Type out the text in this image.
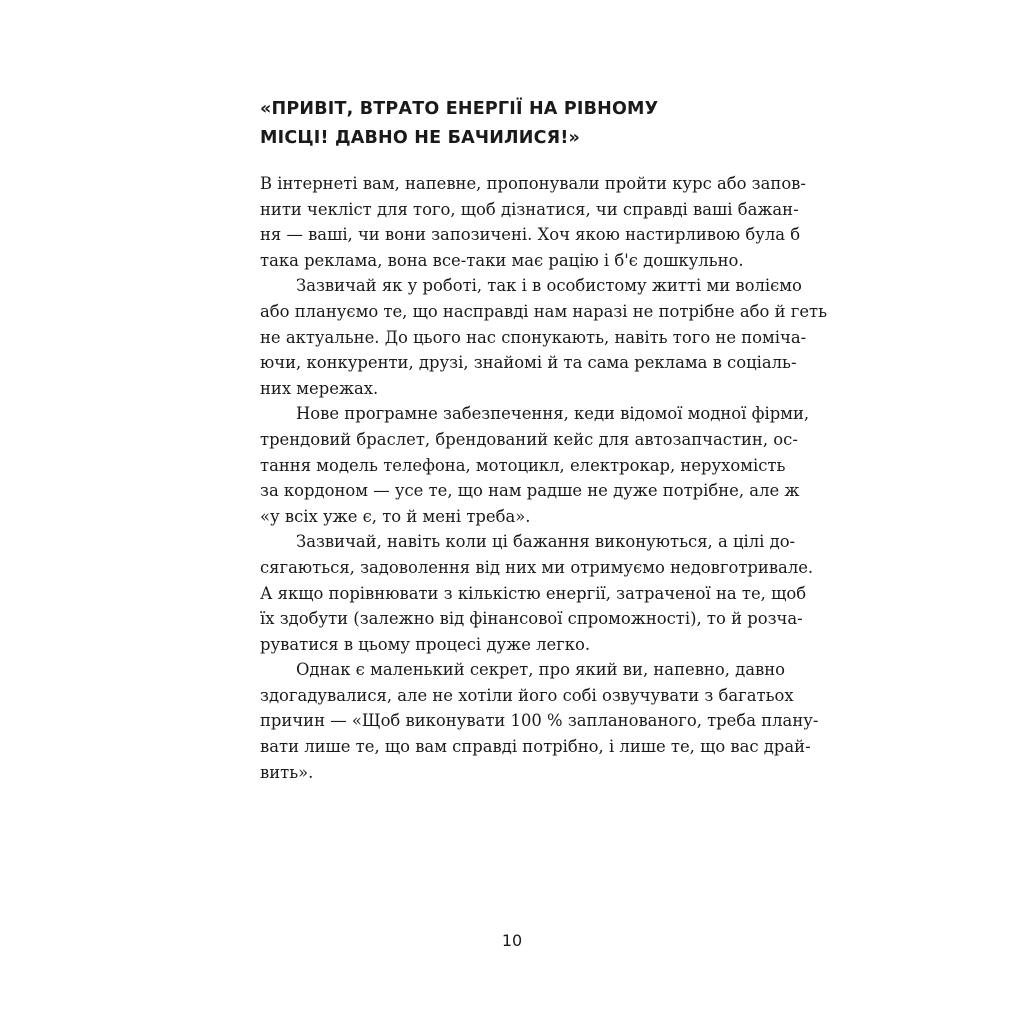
«ПРИВІТ, ВТРАТО ЕНЕРГІЇ НА РІВНОМУ
МІСЦІ! ДАВНО НЕ БАЧИЛИСЯ!»
В інтернеті вам, напевне, пропонували пройти курс або запов-
нити чекліст для того, щоб дізнатися, чи справді ваші бажан-
ня — ваші, чи вони запозичені. Хоч якою настирливою була б
така реклама, вона все-таки має рацію і б'є дошкульно.
Зазвичай як у роботі, так і в особистому житті ми воліємо
або плануємо те, що насправді нам наразі не потрібне або й геть
не актуальне. До цього нас спонукають, навіть того не поміча-
ючи, конкуренти, друзі, знайомі й та сама реклама в соціаль-
них мережах.
Нове програмне забезпечення, кеди відомої модної фірми,
трендовий браслет, брендований кейс для автозапчастин, ос-
тання модель телефона, мотоцикл, електрокар, нерухомість
за кордоном — усе те, що нам радше не дуже потрібне, але ж
«у всіх уже є, то й мені треба».
Зазвичай, навіть коли ці бажання виконуються, а цілі до-
сягаються, задоволення від них ми отримуємо недовготривале.
А якщо порівнювати з кількістю енергії, затраченої на те, щоб
їх здобути (залежно від фінансової спроможності), то й розча-
руватися в цьому процесі дуже легко.
Однак є маленький секрет, про який ви, напевно, давно
здогадувалися, але не хотіли його собі озвучувати з багатьох
причин — «Щоб виконувати 100 % запланованого, треба плану-
вати лише те, що вам справді потрібно, і лише те, що вас драй-
вить».
10
